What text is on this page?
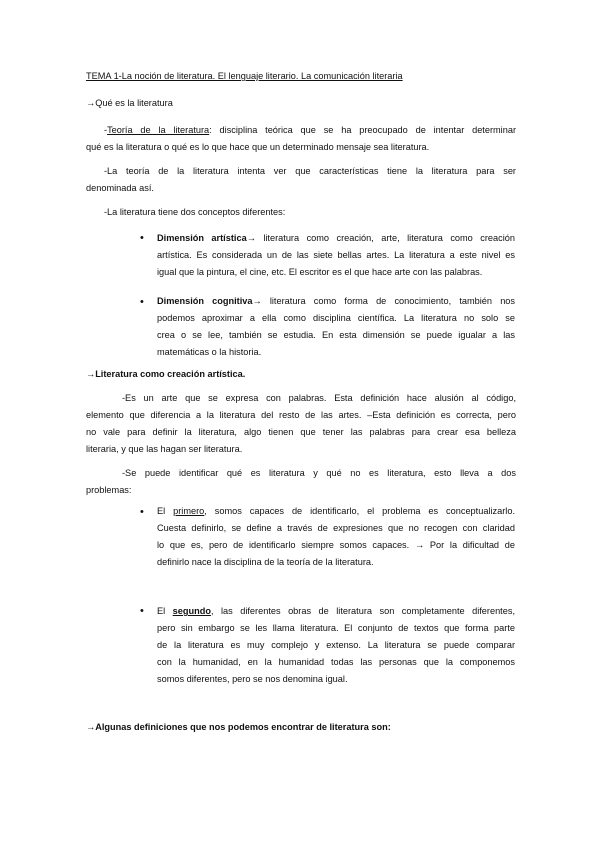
TEMA 1-La noción de literatura. El lenguaje literario. La comunicación literaria
→Qué es la literatura
-Teoría de la literatura: disciplina teórica que se ha preocupado de intentar determinar
qué es la literatura o qué es lo que hace que un determinado mensaje sea literatura.
-La teoría de la literatura intenta ver que características tiene la literatura para ser
denominada así.
-La literatura tiene dos conceptos diferentes:
• Dimensión artística→ literatura como creación, arte, literatura como creación
artística. Es considerada un de las siete bellas artes. La literatura a este nivel es
igual que la pintura, el cine, etc. El escritor es el que hace arte con las palabras.
• Dimensión cognitiva→ literatura como forma de conocimiento, también nos
podemos aproximar a ella como disciplina científica. La literatura no solo se
crea o se lee, también se estudia. En esta dimensión se puede igualar a las
matemáticas o la historia.
→Literatura como creación artística.
-Es un arte que se expresa con palabras. Esta definición hace alusión al código,
elemento que diferencia a la literatura del resto de las artes. –Esta definición es correcta, pero
no vale para definir la literatura, algo tienen que tener las palabras para crear esa belleza
literaria, y que las hagan ser literatura.
-Se puede identificar qué es literatura y qué no es literatura, esto lleva a dos
problemas:
• El primero, somos capaces de identificarlo, el problema es conceptualizarlo.
Cuesta definirlo, se define a través de expresiones que no recogen con claridad
lo que es, pero de identificarlo siempre somos capaces. → Por la dificultad de
definirlo nace la disciplina de la teoría de la literatura.
• El segundo, las diferentes obras de literatura son completamente diferentes,
pero sin embargo se les llama literatura. El conjunto de textos que forma parte
de la literatura es muy complejo y extenso. La literatura se puede comparar
con la humanidad, en la humanidad todas las personas que la componemos
somos diferentes, pero se nos denomina igual.
→Algunas definiciones que nos podemos encontrar de literatura son:
